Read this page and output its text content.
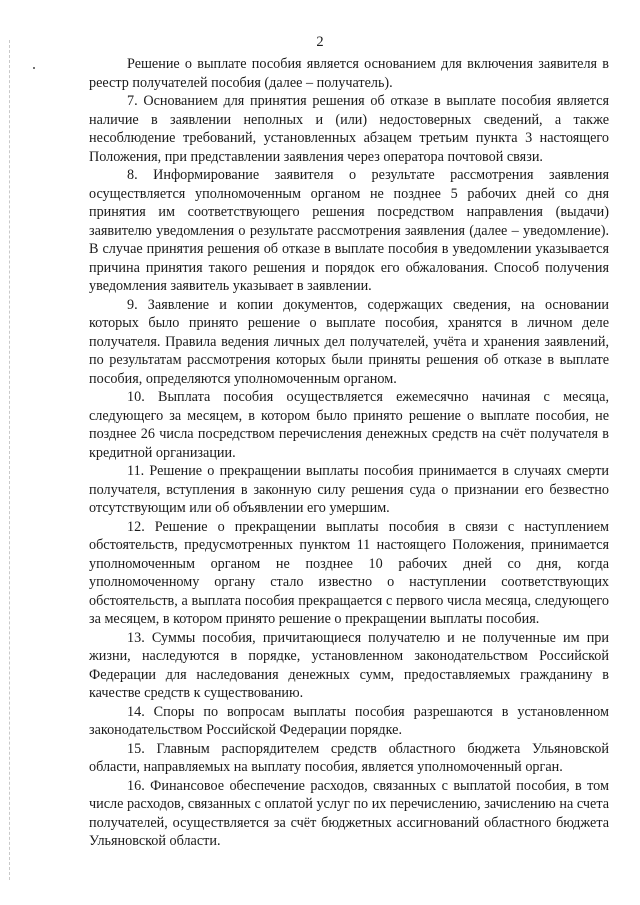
2

Решение о выплате пособия является основанием для включения заявителя в реестр получателей пособия (далее – получатель).

7. Основанием для принятия решения об отказе в выплате пособия является наличие в заявлении неполных и (или) недостоверных сведений, а также несоблюдение требований, установленных абзацем третьим пункта 3 настоящего Положения, при представлении заявления через оператора почтовой связи.

8. Информирование заявителя о результате рассмотрения заявления осуществляется уполномоченным органом не позднее 5 рабочих дней со дня принятия им соответствующего решения посредством направления (выдачи) заявителю уведомления о результате рассмотрения заявления (далее – уведомление). В случае принятия решения об отказе в выплате пособия в уведомлении указывается причина принятия такого решения и порядок его обжалования. Способ получения уведомления заявитель указывает в заявлении.

9. Заявление и копии документов, содержащих сведения, на основании которых было принято решение о выплате пособия, хранятся в личном деле получателя. Правила ведения личных дел получателей, учёта и хранения заявлений, по результатам рассмотрения которых были приняты решения об отказе в выплате пособия, определяются уполномоченным органом.

10. Выплата пособия осуществляется ежемесячно начиная с месяца, следующего за месяцем, в котором было принято решение о выплате пособия, не позднее 26 числа посредством перечисления денежных средств на счёт получателя в кредитной организации.

11. Решение о прекращении выплаты пособия принимается в случаях смерти получателя, вступления в законную силу решения суда о признании его безвестно отсутствующим или об объявлении его умершим.

12. Решение о прекращении выплаты пособия в связи с наступлением обстоятельств, предусмотренных пунктом 11 настоящего Положения, принимается уполномоченным органом не позднее 10 рабочих дней со дня, когда уполномоченному органу стало известно о наступлении соответствующих обстоятельств, а выплата пособия прекращается с первого числа месяца, следующего за месяцем, в котором принято решение о прекращении выплаты пособия.

13. Суммы пособия, причитающиеся получателю и не полученные им при жизни, наследуются в порядке, установленном законодательством Российской Федерации для наследования денежных сумм, предоставляемых гражданину в качестве средств к существованию.

14. Споры по вопросам выплаты пособия разрешаются в установленном законодательством Российской Федерации порядке.

15. Главным распорядителем средств областного бюджета Ульяновской области, направляемых на выплату пособия, является уполномоченный орган.

16. Финансовое обеспечение расходов, связанных с выплатой пособия, в том числе расходов, связанных с оплатой услуг по их перечислению, зачислению на счета получателей, осуществляется за счёт бюджетных ассигнований областного бюджета Ульяновской области.
